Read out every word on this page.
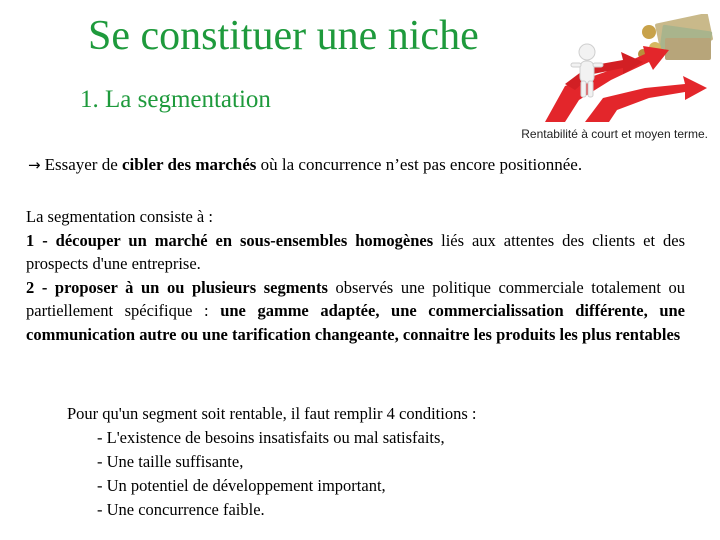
Se constituer une niche
1. La segmentation
Rentabilité à court et moyen terme.
→ Essayer de cibler des marchés où la concurrence n’est pas encore positionnée.
La segmentation consiste à :
1 - découper un marché en sous-ensembles homogènes liés aux attentes des clients et des prospects d'une entreprise.
2 - proposer à un ou plusieurs segments observés une politique commerciale totalement ou partiellement spécifique : une gamme adaptée, une commercialissation différente, une communication autre ou une tarification changeante, connaitre les produits les plus rentables
Pour qu'un segment soit rentable, il faut remplir 4 conditions :
- L'existence de besoins insatisfaits ou mal satisfaits,
- Une taille suffisante,
- Un potentiel de développement important,
- Une concurrence faible.
